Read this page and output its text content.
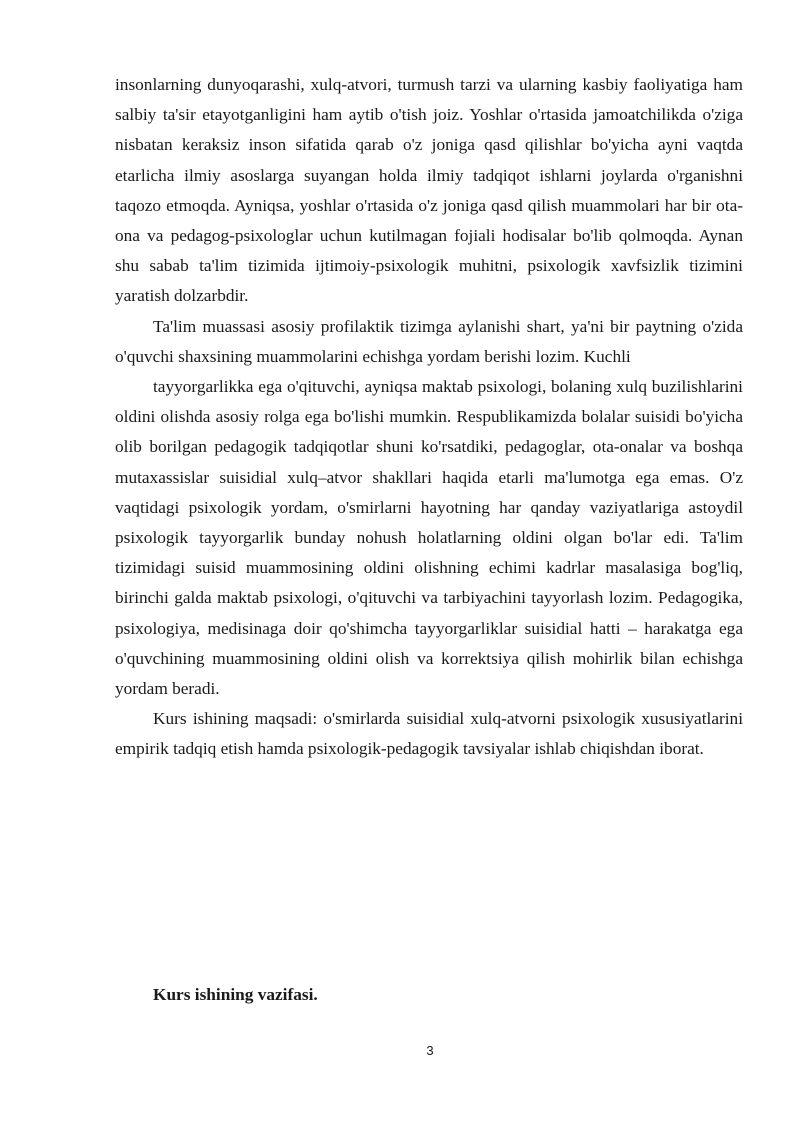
insonlarning dunyoqarashi, xulq-atvori, turmush tarzi va ularning kasbiy faoliyatiga ham salbiy ta'sir etayotganligini ham aytib o'tish joiz. Yoshlar o'rtasida jamoatchilikda o'ziga nisbatan keraksiz inson sifatida qarab o'z joniga qasd qilishlar bo'yicha ayni vaqtda etarlicha ilmiy asoslarga suyangan holda ilmiy tadqiqot ishlarni joylarda o'rganishni taqozo etmoqda. Ayniqsa, yoshlar o'rtasida o'z joniga qasd qilish muammolari har bir ota-ona va pedagog-psixologlar uchun kutilmagan fojiali hodisalar bo'lib qolmoqda. Aynan shu sabab ta'lim tizimida ijtimoiy-psixologik muhitni, psixologik xavfsizlik tizimini yaratish dolzarbdir.

Ta'lim muassasi asosiy profilaktik tizimga aylanishi shart, ya'ni bir paytning o'zida o'quvchi shaxsining muammolarini echishga yordam berishi lozim. Kuchli

tayyorgarlikka ega o'qituvchi, ayniqsa maktab psixologi, bolaning xulq buzilishlarini oldini olishda asosiy rolga ega bo'lishi mumkin. Respublikamizda bolalar suisidi bo'yicha olib borilgan pedagogik tadqiqotlar shuni ko'rsatdiki, pedagoglar, ota-onalar va boshqa mutaxassislar suisidial xulq–atvor shakllari haqida etarli ma'lumotga ega emas. O'z vaqtidagi psixologik yordam, o'smirlarni hayotning har qanday vaziyatlariga astoydil psixologik tayyorgarlik bunday nohush holatlarning oldini olgan bo'lar edi. Ta'lim tizimidagi suisid muammosining oldini olishning echimi kadrlar masalasiga bog'liq, birinchi galda maktab psixologi, o'qituvchi va tarbiyachini tayyorlash lozim. Pedagogika, psixologiya, medisinaga doir qo'shimcha tayyorgarliklar suisidial hatti – harakatga ega o'quvchining muammosining oldini olish va korrektsiya qilish mohirlik bilan echishga yordam beradi.

Kurs ishining maqsadi: o'smirlarda suisidial xulq-atvorni psixologik xususiyatlarini empirik tadqiq etish hamda psixologik-pedagogik tavsiyalar ishlab chiqishdan iborat.

Kurs ishining vazifasi.

3
